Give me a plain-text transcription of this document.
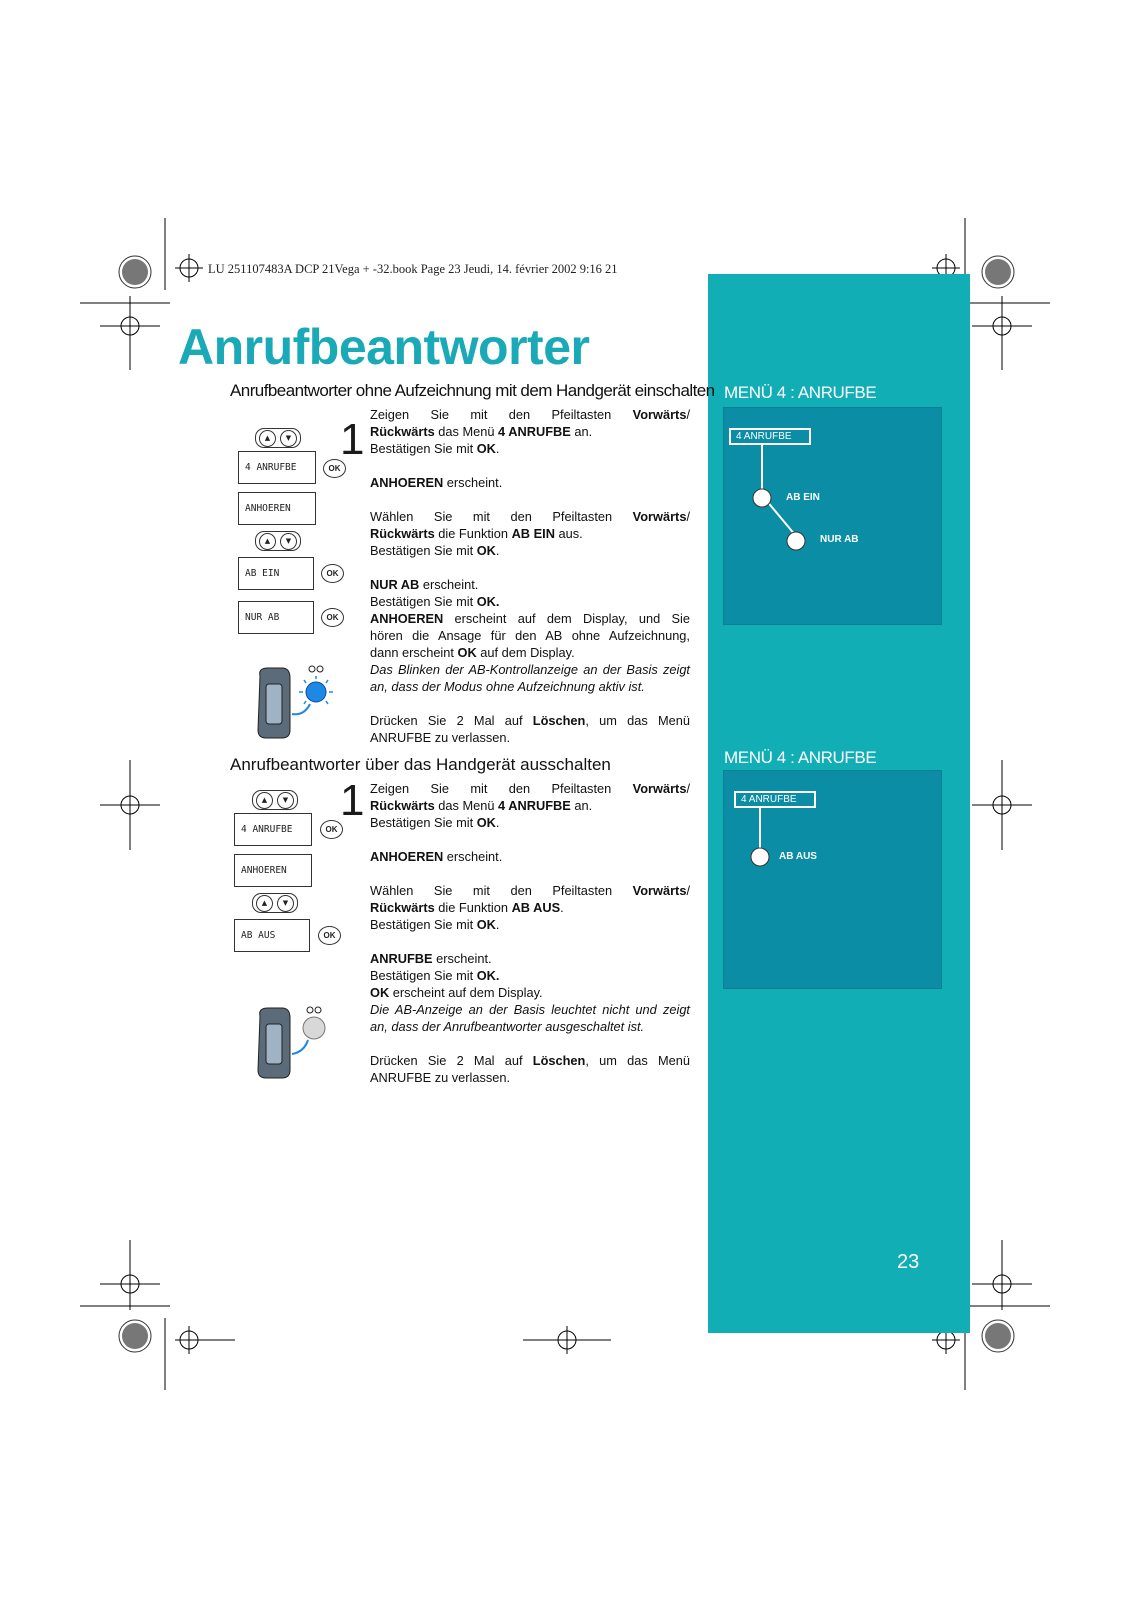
LU 251107483A DCP 21Vega + -32.book Page 23 Jeudi, 14. février 2002 9:16 21
Anrufbeantworter
Anrufbeantworter ohne Aufzeichnung mit dem Handgerät einschalten
▲	▼
4 ANRUFBE	OK
ANHOEREN
▲	▼
AB EIN	OK
NUR AB	OK
1

Zeigen Sie mit den Pfeiltasten Vorwärts/

Rückwärts das Menü 4 ANRUFBE an.

Bestätigen Sie mit OK.

ANHOEREN erscheint.

Wählen Sie mit den Pfeiltasten Vorwärts/

Rückwärts die Funktion AB EIN aus.

Bestätigen Sie mit OK.

NUR AB erscheint.

Bestätigen Sie mit OK.

ANHOEREN erscheint auf dem Display, und Sie

hören die Ansage für den AB ohne Aufzeichnung,

dann erscheint OK auf dem Display.

Das Blinken der AB-Kontrollanzeige an der Basis zeigt

an, dass der Modus ohne Aufzeichnung aktiv ist.

Drücken Sie 2 Mal auf Löschen, um das Menü

ANRUFBE zu verlassen.

Anrufbeantworter über das Handgerät ausschalten
▲	▼
4 ANRUFBE	OK
ANHOEREN
▲	▼
AB AUS	OK
1 Zeigen Sie mit den Pfeiltasten Vorwärts/

Rückwärts das Menü 4 ANRUFBE an.

Bestätigen Sie mit OK.

ANHOEREN erscheint.

Wählen Sie mit den Pfeiltasten Vorwärts/

Rückwärts die Funktion AB AUS.

Bestätigen Sie mit OK.

ANRUFBE erscheint.

Bestätigen Sie mit OK.

OK erscheint auf dem Display.

Die AB-Anzeige an der Basis leuchtet nicht und zeigt

an, dass der Anrufbeantworter ausgeschaltet ist.

Drücken Sie 2 Mal auf Löschen, um das Menü

ANRUFBE zu verlassen.

MENÜ 4 : ANRUFBE
4 ANRUFBE
AB EIN
NUR AB
MENÜ 4 : ANRUFBE
4 ANRUFBE
AB AUS
23
